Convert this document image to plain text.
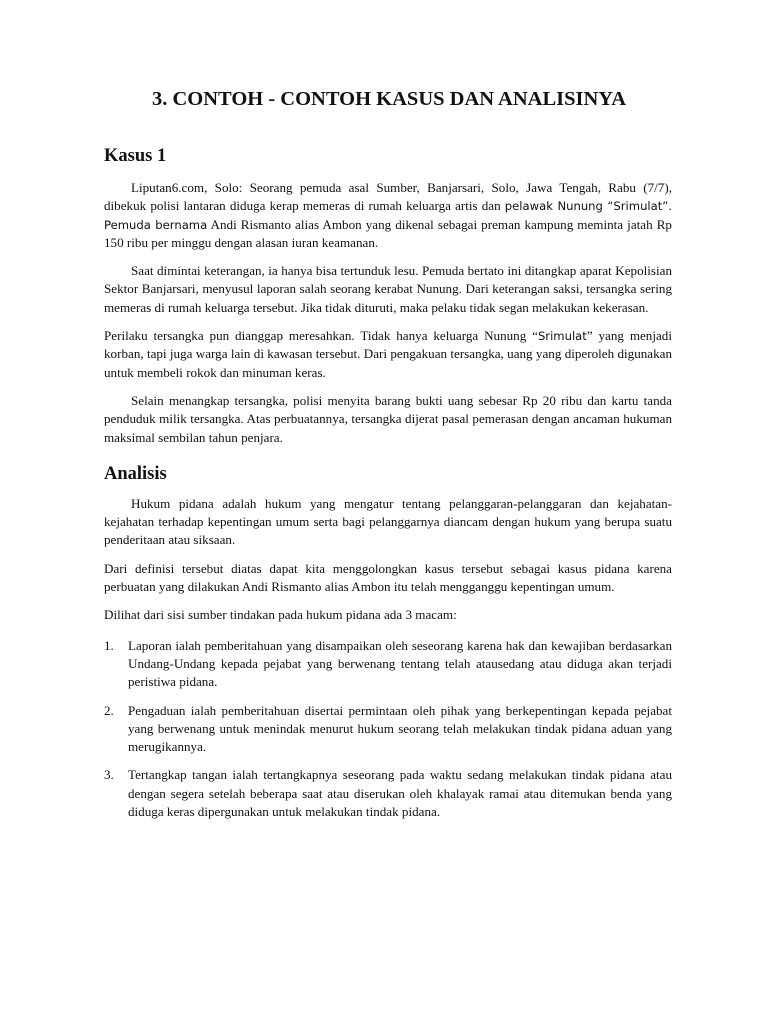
3. CONTOH - CONTOH KASUS DAN ANALISINYA
Kasus 1

Liputan6.com, Solo: Seorang pemuda asal Sumber, Banjarsari, Solo, Jawa Tengah, Rabu (7/7), dibekuk polisi lantaran diduga kerap memeras di rumah keluarga artis dan pelawak Nunung “Srimulat”. Pemuda bernama Andi Rismanto alias Ambon yang dikenal sebagai preman kampung meminta jatah Rp 150 ribu per minggu dengan alasan iuran keamanan.

Saat dimintai keterangan, ia hanya bisa tertunduk lesu. Pemuda bertato ini ditangkap aparat Kepolisian Sektor Banjarsari, menyusul laporan salah seorang kerabat Nunung. Dari keterangan saksi, tersangka sering memeras di rumah keluarga tersebut. Jika tidak dituruti, maka pelaku tidak segan melakukan kekerasan.

Perilaku tersangka pun dianggap meresahkan. Tidak hanya keluarga Nunung “Srimulat” yang menjadi korban, tapi juga warga lain di kawasan tersebut. Dari pengakuan tersangka, uang yang diperoleh digunakan untuk membeli rokok dan minuman keras.

Selain menangkap tersangka, polisi menyita barang bukti uang sebesar Rp 20 ribu dan kartu tanda penduduk milik tersangka. Atas perbuatannya, tersangka dijerat pasal pemerasan dengan ancaman hukuman maksimal sembilan tahun penjara.

Analisis

Hukum pidana adalah hukum yang mengatur tentang pelanggaran-pelanggaran dan kejahatan-kejahatan terhadap kepentingan umum serta bagi pelanggarnya diancam dengan hukum yang berupa suatu penderitaan atau siksaan.

Dari definisi tersebut diatas dapat kita menggolongkan kasus tersebut sebagai kasus pidana karena perbuatan yang dilakukan Andi Rismanto alias Ambon itu telah mengganggu kepentingan umum.

Dilihat dari sisi sumber tindakan pada hukum pidana ada 3 macam:

1. Laporan ialah pemberitahuan yang disampaikan oleh seseorang karena hak dan kewajiban berdasarkan Undang-Undang kepada pejabat yang berwenang tentang telah atausedang atau diduga akan terjadi peristiwa pidana.
2. Pengaduan ialah pemberitahuan disertai permintaan oleh pihak yang berkepentingan kepada pejabat yang berwenang untuk menindak menurut hukum seorang telah melakukan tindak pidana aduan yang merugikannya.
3. Tertangkap tangan ialah tertangkapnya seseorang pada waktu sedang melakukan tindak pidana atau dengan segera setelah beberapa saat atau diserukan oleh khalayak ramai atau ditemukan benda yang diduga keras dipergunakan untuk melakukan tindak pidana.
